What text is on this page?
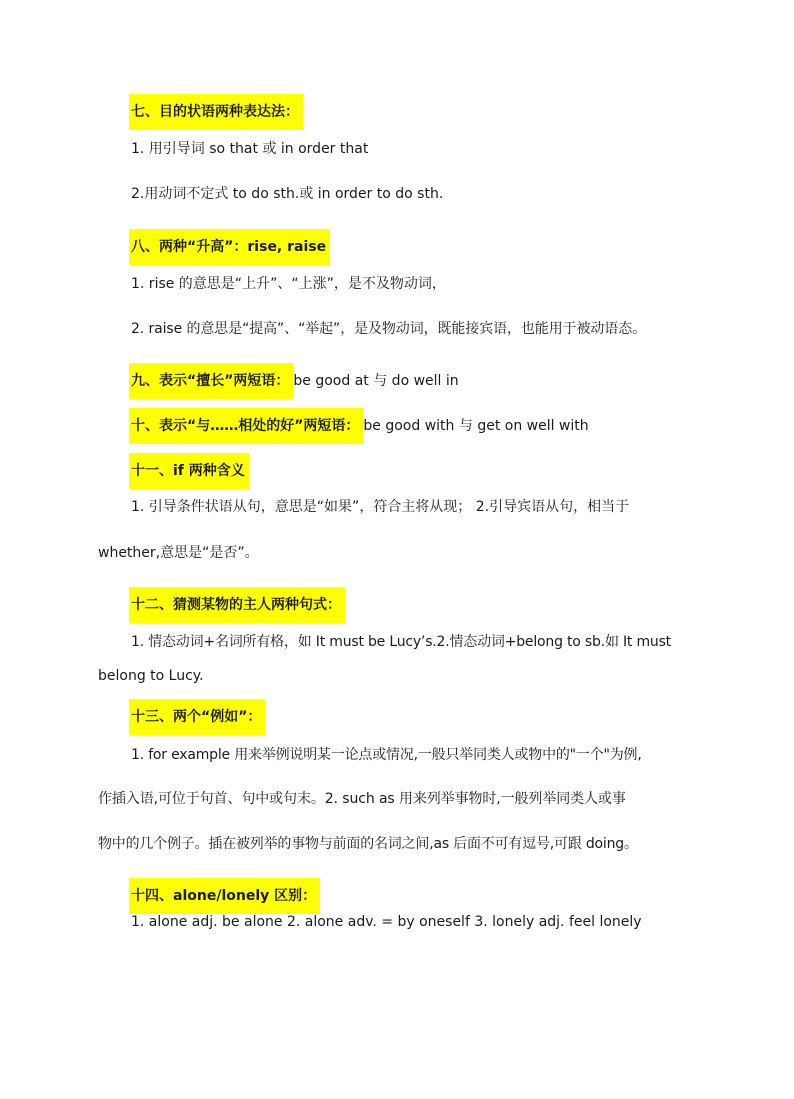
七、目的状语两种表达法：
1. 用引导词 so that 或 in order that
2.用动词不定式 to do sth.或 in order to do sth.
八、两种“升高”：rise, raise
1. rise 的意思是“上升”、“上涨”，是不及物动词，
2. raise 的意思是“提高”、“举起”，是及物动词，既能接宾语，也能用于被动语态。
九、表示“擅长”两短语： be good at 与 do well in
十、表示“与……相处的好”两短语： be good with 与 get on well with
十一、if 两种含义
1. 引导条件状语从句，意思是“如果”，符合主将从现； 2.引导宾语从句，相当于
whether,意思是“是否”。
十二、猜测某物的主人两种句式：
1. 情态动词+名词所有格，如 It must be Lucy’s.2.情态动词+belong to sb.如 It must
belong to Lucy.
十三、两个“例如”：
1. for example 用来举例说明某一论点或情况,一般只举同类人或物中的"一个"为例,
作插入语,可位于句首、句中或句末。2. such as 用来列举事物时,一般列举同类人或事
物中的几个例子。插在被列举的事物与前面的名词之间,as 后面不可有逗号,可跟 doing。
十四、alone/lonely 区别：
1. alone adj. be alone 2. alone adv. = by oneself 3. lonely adj. feel lonely
